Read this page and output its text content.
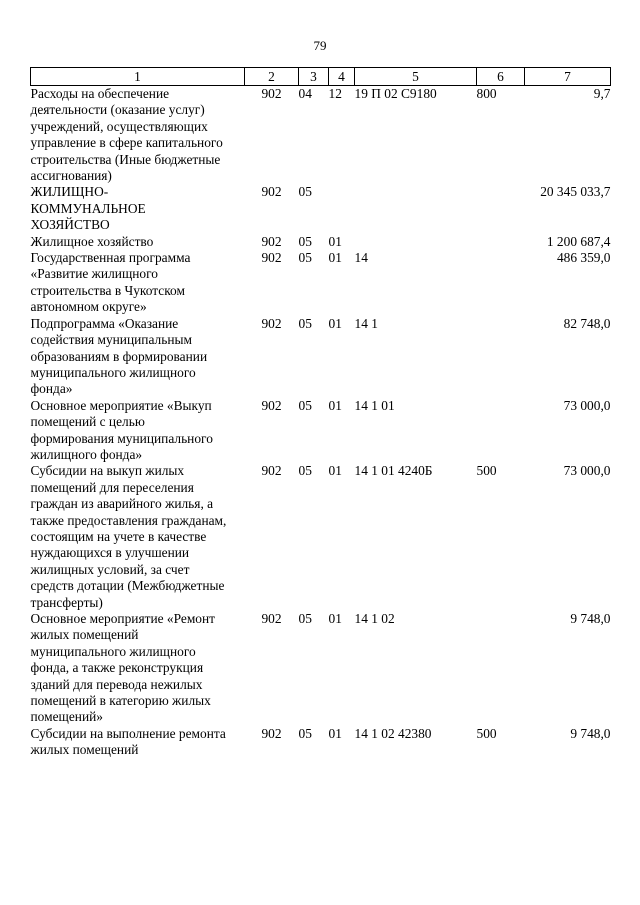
79
1	2	3	4	5	6	7

Расходы на обеспечение деятельности (оказание услуг) учреждений, осуществляющих управление в сфере капитального строительства (Иные бюджетные ассигнования)	902	04	12	19 П 02 С9180	800	9,7

ЖИЛИЩНО-КОММУНАЛЬНОЕ ХОЗЯЙСТВО	902	05				20 345 033,7

Жилищное хозяйство	902	05	01			1 200 687,4

Государственная программа «Развитие жилищного строительства в Чукотском автономном округе»	902	05	01	14		486 359,0

Подпрограмма «Оказание содействия муниципальным образованиям в формировании муниципального жилищного фонда»	902	05	01	14 1		82 748,0

Основное мероприятие «Выкуп помещений с целью формирования муниципального жилищного фонда»	902	05	01	14 1 01		73 000,0

Субсидии на выкуп жилых помещений для переселения граждан из аварийного жилья, а также предоставления гражданам, состоящим на учете в качестве нуждающихся в улучшении жилищных условий, за счет средств дотации (Межбюджетные трансферты)	902	05	01	14 1 01 4240Б	500	73 000,0

Основное мероприятие «Ремонт жилых помещений муниципального жилищного фонда, а также реконструкция зданий для перевода нежилых помещений в категорию жилых помещений»	902	05	01	14 1 02		9 748,0

Субсидии на выполнение ремонта жилых помещений	902	05	01	14 1 02 42380	500	9 748,0
